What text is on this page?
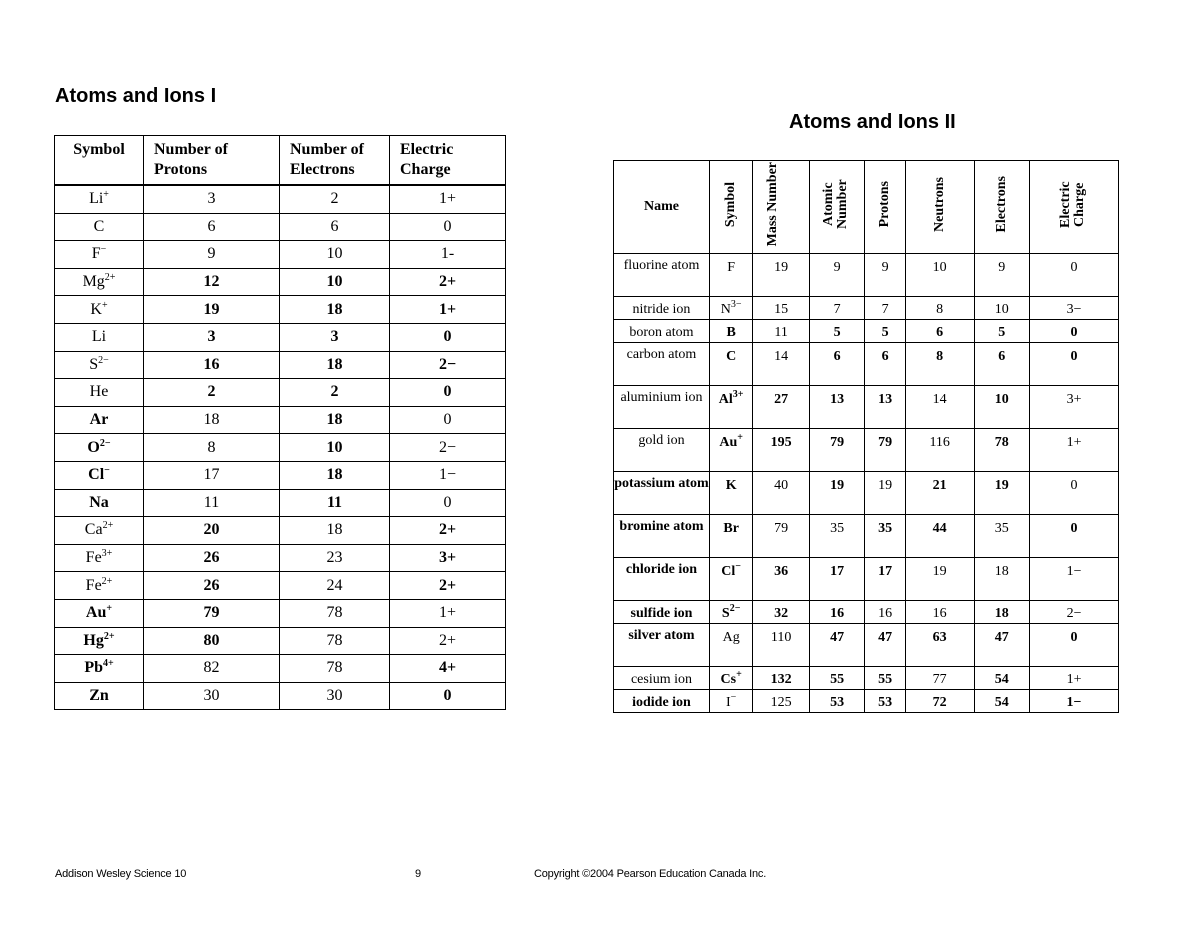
Atoms and Ions I
Symbol	Number of Protons	Number of Electrons	Electric Charge
Li+	3	2	1+
C	6	6	0
F−	9	10	1-
$Mg^{2+}$	12	10	2+
K+	19	18	1+
Li	3	3	0
$S^{2-}$	16	18	2−
He	2	2	0
Ar	18	18	0
$O^{2-}$	8	10	2−
Cl−	17	18	1−
Na	11	11	0
$Ca^{2+}$	20	18	2+
$Fe^{3+}$	26	23	3+
$Fe^{2+}$	26	24	2+
Au+	79	78	1+
$Hg^{2+}$	80	78	2+
$Pb^{4+}$	82	78	4+
Zn	30	30	0
Atoms and Ions II
Name	Symbol	Mass Number	Atomic Number	Protons	Neutrons	Electrons	Electric Charge
fluorine atom	F	19	9	9	10	9	0
nitride ion	$N^{3-}$	15	7	7	8	10	3−
boron atom	B	11	5	5	6	5	0
carbon atom	C	14	6	6	8	6	0
aluminium ion	$Al^{3+}$	27	13	13	14	10	3+
gold ion	Au+	195	79	79	116	78	1+
potassium atom	K	40	19	19	21	19	0
bromine atom	Br	79	35	35	44	35	0
chloride ion	Cl−	36	17	17	19	18	1−
sulfide ion	$S^{2-}$	32	16	16	16	18	2−
silver atom	Ag	110	47	47	63	47	0
cesium ion	Cs+	132	55	55	77	54	1+
iodide ion	I−	125	53	53	72	54	1−
Addison Wesley Science 10	9	Copyright ©2004 Pearson Education Canada Inc.
